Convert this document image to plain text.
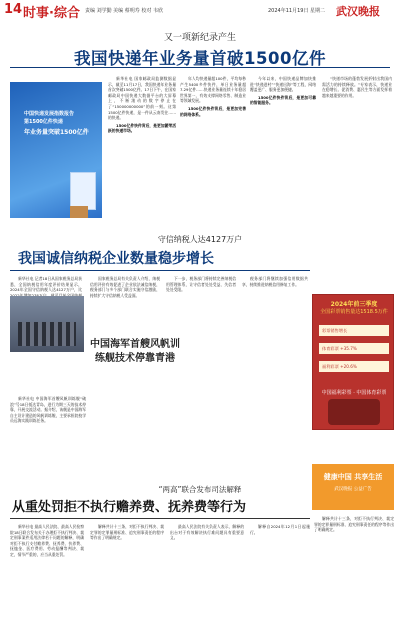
14 时事·综合 责编 刘学勤 美编 蔡明寿 校对 韦欣	2024年11月19日 星期二 武汉晚报
又一项新纪录产生
我国快递年业务量首破1500亿件
中国快递发展指数报告
第1500亿件快递
年业务量突破1500亿件

新华社电 国家邮政局监测数据显示，截至11月17日，我国快递年业务量首次突破1500亿件。17日下午，在国家邮政局中国快递大数据平台的大屏幕上，不断滚动的数字停止在了“150000000000”的前一刻。这第1500亿件快递，是一件从云南发往……的快递。

1500亿件快件背后，是更加繁荣活跃的快递市场。

年人均快递量超100件，平均每秒产生5400多件快件，单日业务量超7.29亿件……快递业务量连续十年稳居世界第一，有效支撑网络零售、制造业等领域发展。

1500亿件快件背后，是更加完善的网络体系。

今年以来，中国快递品牌加快推进“快递进村”“快递出海”等工程，网络覆盖更广、服务更加便捷。

1500亿件快件背后，是更加可靠的智能服务。

“快递市场的蓬勃发展折射出我国内需活力的持续释放。”专家表示，快递业在稳增长、促消费、惠民生等方面发挥着越来越重要的作用。

守信纳税人达4127万户
我国诚信纳税企业数量稳步增长

新华社电 记者18日从国家税务总局获悉，全国纳税信用年度评价结果显示，2024年全国守信纳税人达4127万户，比

国家税务总局有关负责人介绍，纳税信用评价有效促进了企业依法诚信纳税，税务部门与多个部门联合实施守信激励，持续扩大守信纳税人受益面。

下一步，税务部门将持续完善纳税信用管理体系，让守信者处处受益、失信者处处受限。

税务部门将继续加强信用数据共享，持续推进纳税信用修复工作。

2024年前三季度
全国彩票销售量达1518.5万件
彩票销售增长
体育彩票 +35.7%
福利彩票 +20.6%
中国福利彩票 · 中国体育彩票
中国海军首艘风帆训练舰技术停靠青港

新华社电 中国海军首艘风帆训练舰“破浪”号18日抵达青岛，进行为期三天的技术停靠，开展交流活动。据介绍，该舰是中国海军自主设计建造的风帆训练舰，主要承担院校学员远海实践训练任务。

健康中国 共享生活
武汉晚报 公益广告
“两高”联合发布司法解释
从重处罚拒不执行赡养费、抚养费等行为

新华社电 最高人民法院、最高人民检察院18日联合发布关于办理拒不执行判决、裁定刑事案件适用法律若干问题的解释，明确对拒不执行支付赡养费、抚养费、扶养费、抚恤金、医疗费用、劳动报酬等判决、裁定，情节严重的，应当从重处罚。

解释共计十三条，对拒不执行判决、裁定罪的定罪量刑标准、追究刑事责任的程序等作出了明确规定。

最高人民法院有关负责人表示，解释的出台对于有效解决执行难问题具有重要意义。

解释自2024年12月1日起施行。

解释共计十三条，对拒不执行判决、裁定罪的定罪量刑标准、追究刑事责任的程序等作出了明确规定。
